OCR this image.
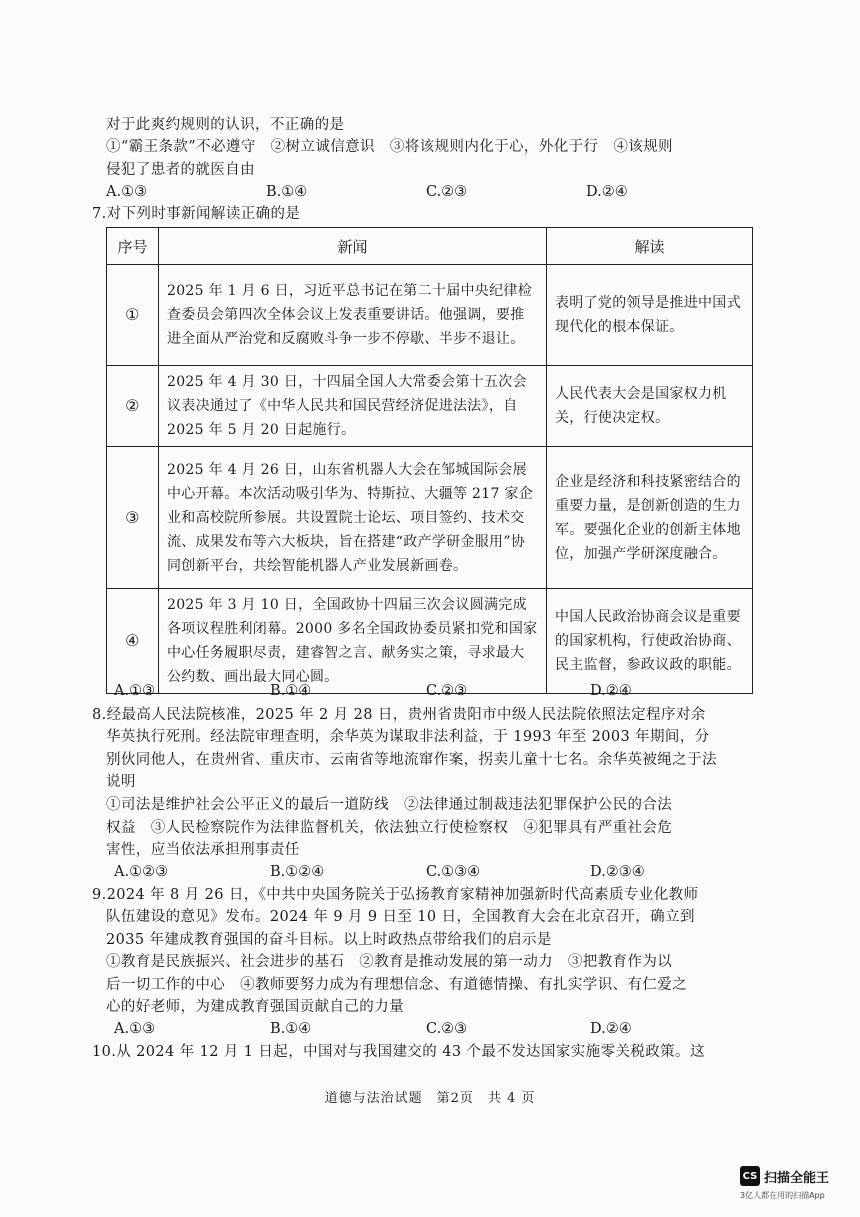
对于此爽约规则的认识，不正确的是
①“霸王条款”不必遵守　②树立诚信意识　③将该规则内化于心，外化于行　④该规则
侵犯了患者的就医自由
A.①③	B.①④	C.②③	D.②④
7.对下列时事新闻解读正确的是
序号	新闻	解读
①	2025 年 1 月 6 日，习近平总书记在第二十届中央纪律检查委员会第四次全体会议上发表重要讲话。他强调，要推进全面从严治党和反腐败斗争一步不停歇、半步不退让。	表明了党的领导是推进中国式现代化的根本保证。
②	2025 年 4 月 30 日，十四届全国人大常委会第十五次会议表决通过了《中华人民共和国民营经济促进法法》，自 2025 年 5 月 20 日起施行。	人民代表大会是国家权力机关，行使决定权。
③	2025 年 4 月 26 日，山东省机器人大会在邹城国际会展中心开幕。本次活动吸引华为、特斯拉、大疆等 217 家企业和高校院所参展。共设置院士论坛、项目签约、技术交流、成果发布等六大板块，旨在搭建“政产学研金服用”协同创新平台，共绘智能机器人产业发展新画卷。	企业是经济和科技紧密结合的重要力量，是创新创造的生力军。要强化企业的创新主体地位，加强产学研深度融合。
④	2025 年 3 月 10 日，全国政协十四届三次会议圆满完成各项议程胜利闭幕。2000 多名全国政协委员紧扣党和国家中心任务履职尽责，建睿智之言、献务实之策，寻求最大公约数、画出最大同心圆。	中国人民政治协商会议是重要的国家机构，行使政治协商、民主监督，参政议政的职能。
A.①③	B.①④	C.②③	D.②④
8.经最高人民法院核准，2025 年 2 月 28 日，贵州省贵阳市中级人民法院依照法定程序对余
华英执行死刑。经法院审理查明，余华英为谋取非法利益，于 1993 年至 2003 年期间，分
别伙同他人，在贵州省、重庆市、云南省等地流窜作案，拐卖儿童十七名。余华英被绳之于法
说明
①司法是维护社会公平正义的最后一道防线　②法律通过制裁违法犯罪保护公民的合法
权益　③人民检察院作为法律监督机关，依法独立行使检察权　④犯罪具有严重社会危
害性，应当依法承担刑事责任
A.①②③	B.①②④	C.①③④	D.②③④
9.2024 年 8 月 26 日，《中共中央国务院关于弘扬教育家精神加强新时代高素质专业化教师
队伍建设的意见》发布。2024 年 9 月 9 日至 10 日，全国教育大会在北京召开，确立到
2035 年建成教育强国的奋斗目标。以上时政热点带给我们的启示是
①教育是民族振兴、社会进步的基石　②教育是推动发展的第一动力　③把教育作为以
后一切工作的中心　④教师要努力成为有理想信念、有道德情操、有扎实学识、有仁爱之
心的好老师，为建成教育强国贡献自己的力量
A.①③	B.①④	C.②③	D.②④
10.从 2024 年 12 月 1 日起，中国对与我国建交的 43 个最不发达国家实施零关税政策。这
道德与法治试题　第2页　共 4 页
CS 扫描全能王
3亿人都在用的扫描App
